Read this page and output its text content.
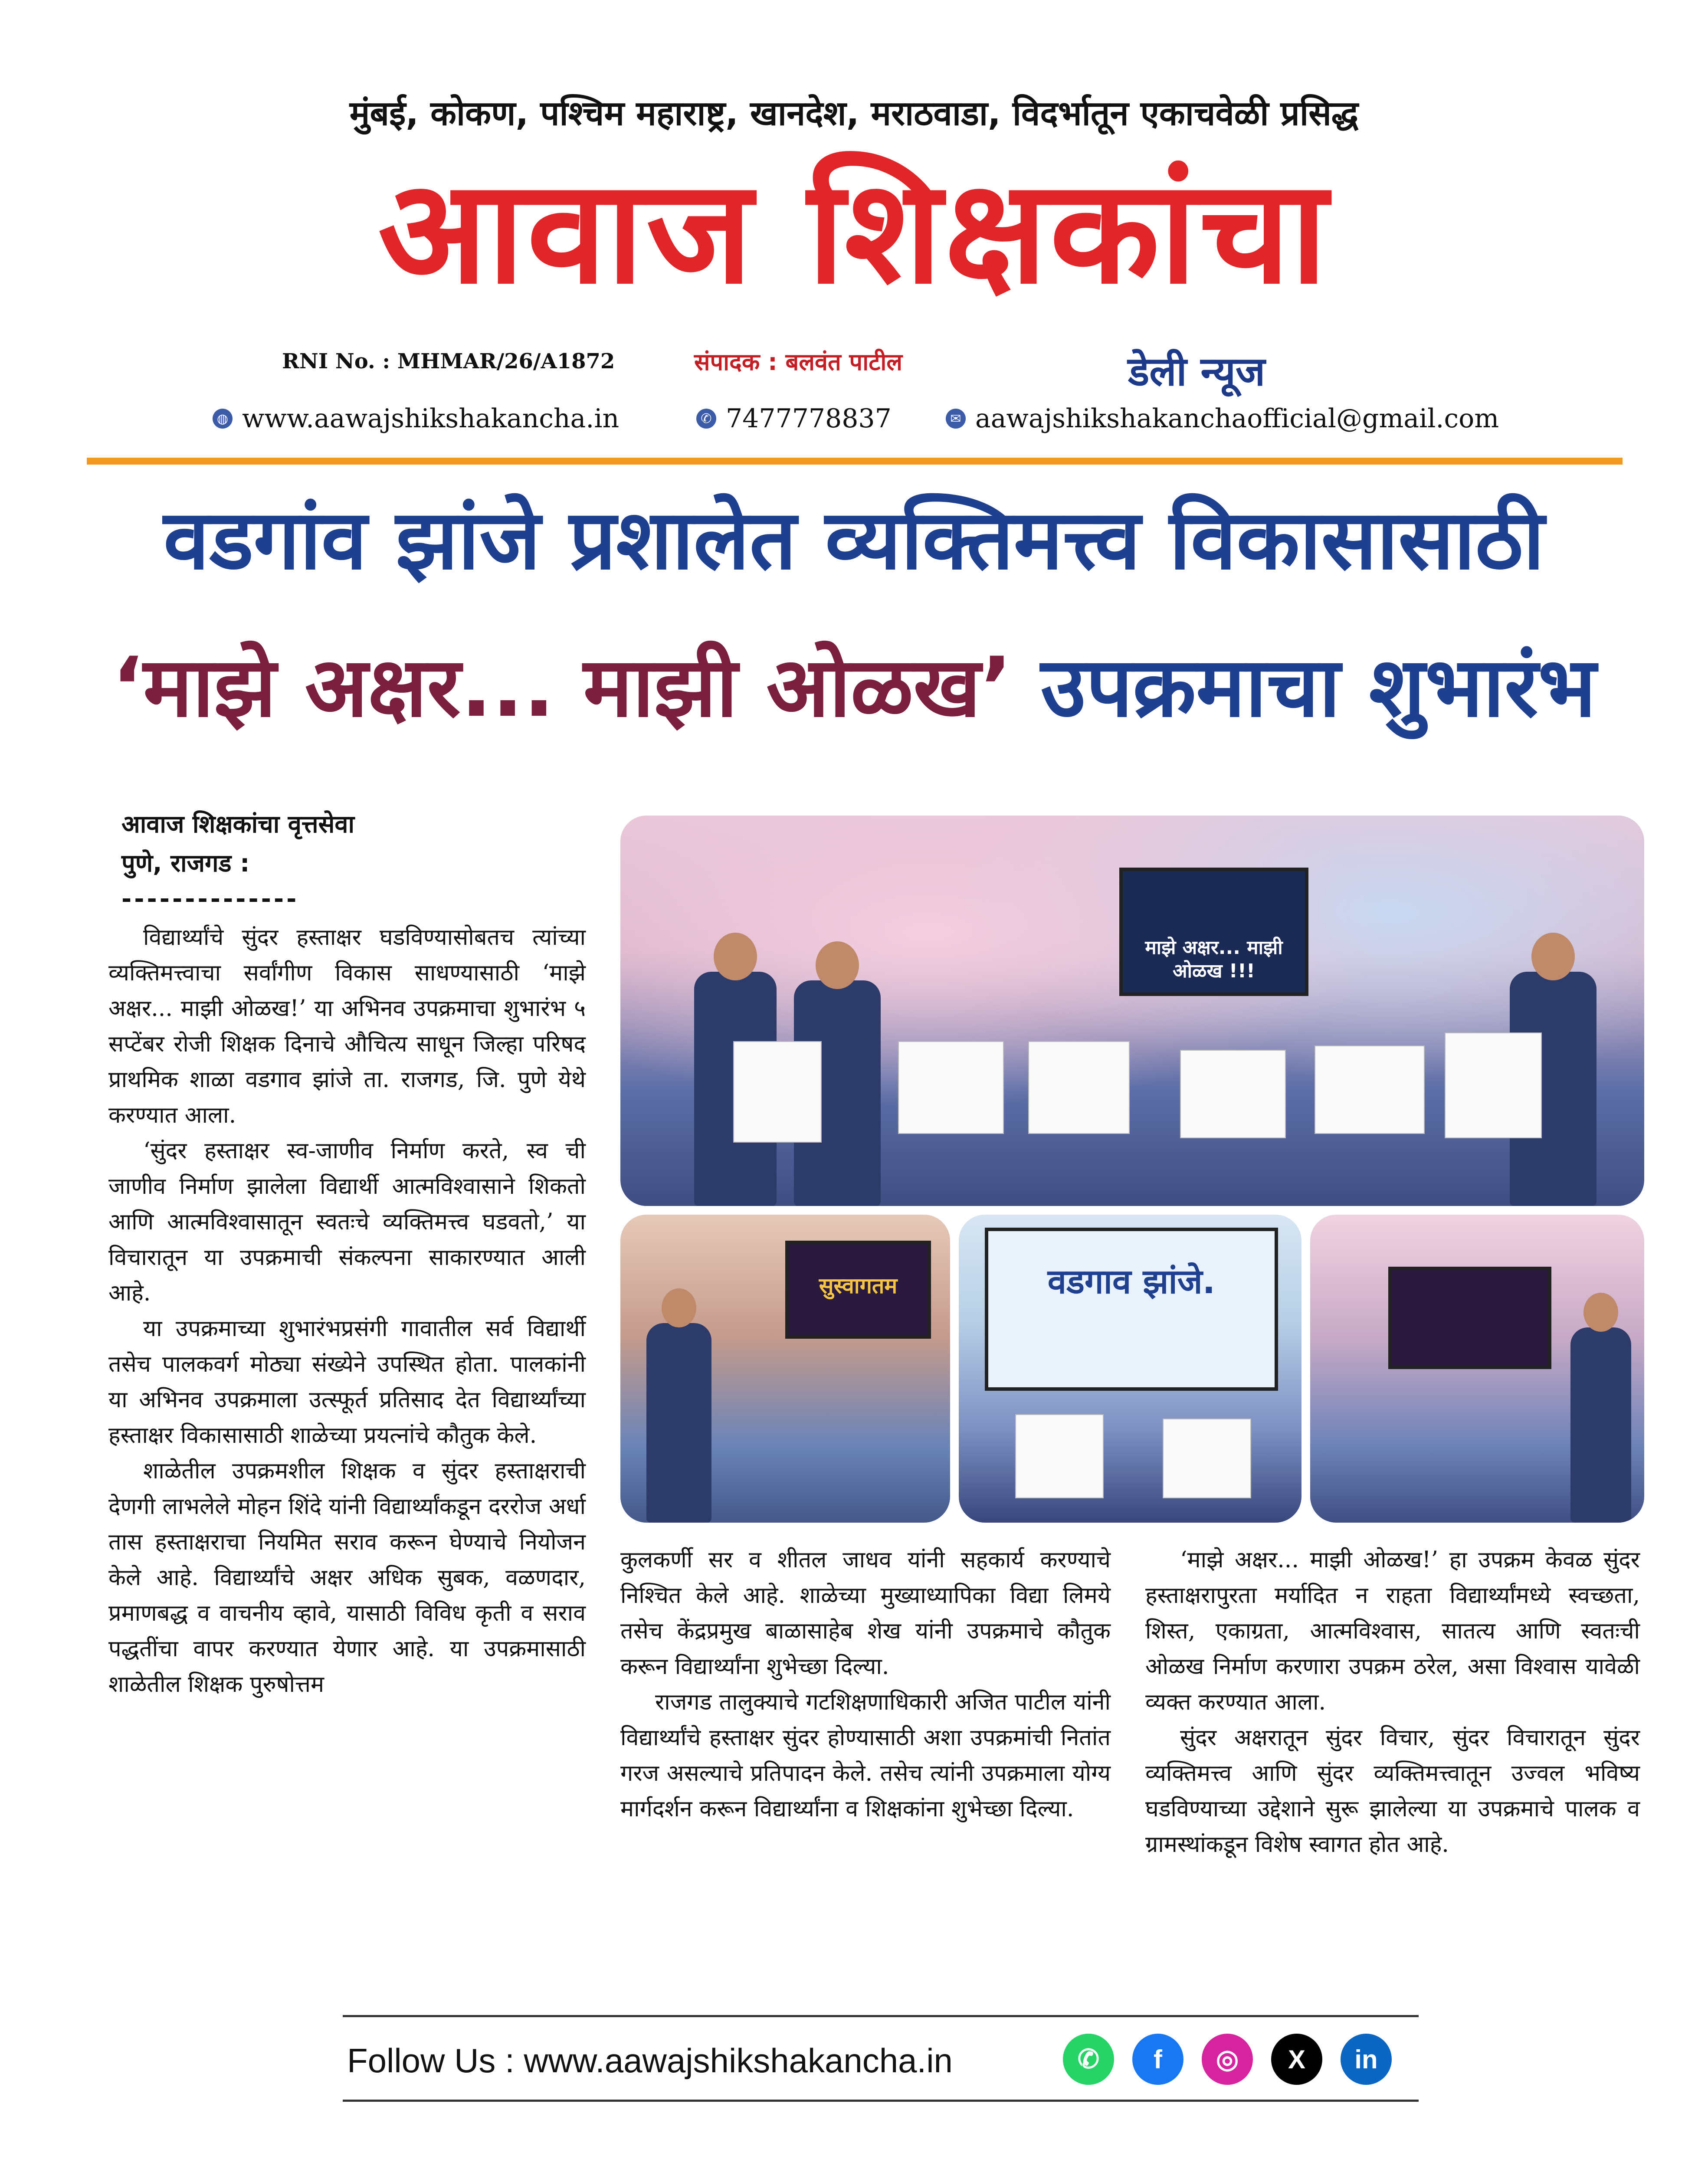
मुंबई, कोकण, पश्चिम महाराष्ट्र, खानदेश, मराठवाडा, विदर्भातून एकाचवेळी प्रसिद्ध
आवाज शिक्षकांचा
RNI No. : MHMAR/26/A1872	संपादक : बलवंत पाटील	डेली न्यूज
◍ www.aawajshikshakancha.in	✆ 7477778837	✉ aawajshikshakanchaofficial@gmail.com
वडगांव झांजे प्रशालेत व्यक्तिमत्त्व विकासासाठी
‘माझे अक्षर... माझी ओळख’ उपक्रमाचा शुभारंभ
आवाज शिक्षकांचा वृत्तसेवा
पुणे, राजगड :
--------------

विद्यार्थ्यांचे सुंदर हस्ताक्षर घडविण्यासोबतच त्यांच्या व्यक्तिमत्त्वाचा सर्वांगीण विकास साधण्यासाठी ‘माझे अक्षर... माझी ओळख!’ या अभिनव उपक्रमाचा शुभारंभ ५ सप्टेंबर रोजी शिक्षक दिनाचे औचित्य साधून जिल्हा परिषद प्राथमिक शाळा वडगाव झांजे ता. राजगड, जि. पुणे येथे करण्यात आला.

‘सुंदर हस्ताक्षर स्व-जाणीव निर्माण करते, स्व ची जाणीव निर्माण झालेला विद्यार्थी आत्मविश्वासाने शिकतो आणि आत्मविश्वासातून स्वतःचे व्यक्तिमत्त्व घडवतो,’ या विचारातून या उपक्रमाची संकल्पना साकारण्यात आली आहे.

या उपक्रमाच्या शुभारंभप्रसंगी गावातील सर्व विद्यार्थी तसेच पालकवर्ग मोठ्या संख्येने उपस्थित होता. पालकांनी या अभिनव उपक्रमाला उत्स्फूर्त प्रतिसाद देत विद्यार्थ्यांच्या हस्ताक्षर विकासासाठी शाळेच्या प्रयत्नांचे कौतुक केले.

शाळेतील उपक्रमशील शिक्षक व सुंदर हस्ताक्षराची देणगी लाभलेले मोहन शिंदे यांनी विद्यार्थ्यांकडून दररोज अर्धा तास हस्ताक्षराचा नियमित सराव करून घेण्याचे नियोजन केले आहे. विद्यार्थ्यांचे अक्षर अधिक सुबक, वळणदार, प्रमाणबद्ध व वाचनीय व्हावे, यासाठी विविध कृती व सराव पद्धतींचा वापर करण्यात येणार आहे. या उपक्रमासाठी शाळेतील शिक्षक पुरुषोत्तम

माझे अक्षर... माझी ओळख !!!
सुस्वागतम	वडगाव झांजे.

कुलकर्णी सर व शीतल जाधव यांनी सहकार्य करण्याचे निश्चित केले आहे. शाळेच्या मुख्याध्यापिका विद्या लिमये तसेच केंद्रप्रमुख बाळासाहेब शेख यांनी उपक्रमाचे कौतुक करून विद्यार्थ्यांना शुभेच्छा दिल्या.

राजगड तालुक्याचे गटशिक्षणाधिकारी अजित पाटील यांनी विद्यार्थ्यांचे हस्ताक्षर सुंदर होण्यासाठी अशा उपक्रमांची नितांत गरज असल्याचे प्रतिपादन केले. तसेच त्यांनी उपक्रमाला योग्य मार्गदर्शन करून विद्यार्थ्यांना व शिक्षकांना शुभेच्छा दिल्या.

‘माझे अक्षर... माझी ओळख!’ हा उपक्रम केवळ सुंदर हस्ताक्षरापुरता मर्यादित न राहता विद्यार्थ्यांमध्ये स्वच्छता, शिस्त, एकाग्रता, आत्मविश्वास, सातत्य आणि स्वतःची ओळख निर्माण करणारा उपक्रम ठरेल, असा विश्वास यावेळी व्यक्त करण्यात आला.

सुंदर अक्षरातून सुंदर विचार, सुंदर विचारातून सुंदर व्यक्तिमत्त्व आणि सुंदर व्यक्तिमत्त्वातून उज्वल भविष्य घडविण्याच्या उद्देशाने सुरू झालेल्या या उपक्रमाचे पालक व ग्रामस्थांकडून विशेष स्वागत होत आहे.

Follow Us : www.aawajshikshakancha.in	✆	f	◎	X	in
